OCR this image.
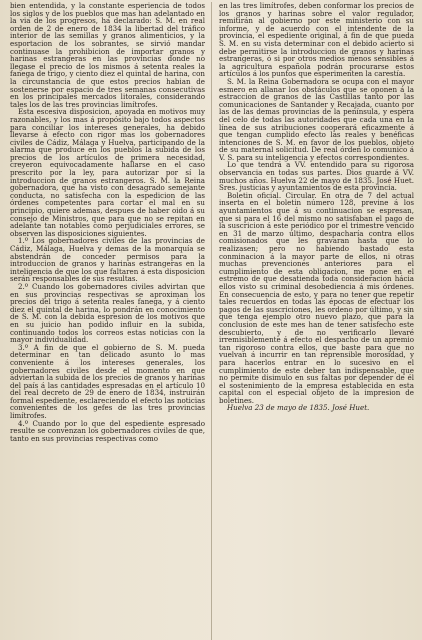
bien entendida, y la constante esperiencia de todos los siglos y de los pueblos que mas han adelantado en la via de los progresos, ha declarado: S. M. en real orden de 2 de enero de 1834 la libertad del tráfico interior de las semillas y granos alimenticios, y la esportacion de los sobrantes, se sirvió mandar continuase la prohibicion de importar granos y harinas estrangeras en las provincias donde no llegase el precio de los mismos á setenta reales la fanega de trigo, y ciento diez el quintal de harina, con la circunstancia de que estos precios habian de sostenerse por espacio de tres semanas consecutivas en los principales mercados litorales, considerando tales los de las tres provincias limítrofes.

Esta escesiva disposicion, apoyada en motivos muy razonables, y los mas á propósito bajo todos aspectos para conciliar los intereses generales, ha debido llevarse á efecto con rigor mas los gobernadores civiles de Cádiz, Málaga y Huelva, participando de la alarma que produce en los pueblos la subida de los precios de los artículos de primera necesidad, creyeron equivocadamente hallarse en el caso prescrito por la ley, para autorizar por sí la introduccion de granos estrangeros. S. M. la Reina gobernadora, que ha visto con desagrado semejante conducta, no satisfecha con la espedicion de las órdenes competentes para cortar el mal en su principio, quiere ademas, despues de haber oido á su consejo de Ministros, que para que no se repitan en adelante tan notables como perjudiciales errores, se observen las disposiciones siguientes.

1.º Los gobernadores civiles de las provincias de Cádiz, Málaga, Huelva y demas de la monarquía se abstendrán de conceder permisos para la introduccion de granos y harinas estrangeras en la inteligencia de que los que faltaren á esta disposicion serán responsables de sus resultas.

2.º Cuando los gobernadores civiles advirtan que en sus provincias respectivas se aproximan los precios del trigo á setenta reales fanega, y á ciento diez el quintal de harina, lo pondrán en conocimiento de S. M. con la debida espresion de los motivos que en su juicio han podido influir en la subida, continuando todos los correos estas noticias con la mayor individualidad.

3.º A fin de que el gobierno de S. M. pueda determinar en tan delicado asunto lo mas conveniente á los intereses generales, los gobernadores civiles desde el momento en que adviertan la subida de los precios de granos y harinas del país á las cantidades espresadas en el artículo 10 del real decreto de 29 de enero de 1834, instruirán formal espediente, esclareciendo el efecto las noticias convenientes de los gefes de las tres provincias limítrofes.

4.º Cuando por lo que del espediente espresado resulte se convenzan los gobernadores civiles de que, tanto en sus provincias respectivas como

en las tres limítrofes, deben conformar los precios de los granos y harinas sobre el valor regulador, remitirán al gobierno por este ministerio con su informe, y de acuerdo con el intendente de la provincia, el espediente original, á fin de que pueda S. M. en su vista determinar con el debido acierto si debe permitirse la introduccion de granos y harinas estrangeras, ó si por otros medios menos sensibles á la agricultura española podrán procurarse estos artículos á los puntos que esperimenten la carestía.

S. M. la Reina Gobernadora se ocupa con el mayor esmero en allanar los obstáculos que se oponen á la estraccion de granos de las Castillas tanto por las comunicaciones de Santander y Recajada, cuanto por las de las demas provincias de la península, y espera del celo de todas las autoridades que cada una en la línea de sus atribuciones cooperará eficazmente á que tengan cumplido efecto las reales y benéficas intenciones de S. M. en favor de los pueblos, objeto de su maternal solicitud. De real órden lo comunico á V. S. para su inteligencia y efectos correspondientes.

Lo que tendrá a VV. entendido para su rigorosa observancia en todas sus partes. Dios guarde á VV. muchos años. Huelva 22 de mayo de 1835. José Huet. Sres. justicias y ayuntamientos de esta provincia.

Boletin oficial. Circular. En otra de 7 del actual inserta en el boletin número 128, previne á los ayuntamientos que á su continuacion se espresan, que si para el 16 del mismo no satisfaban el pago de la suscricion á este periódico por el trimestre vencido en 31 de marzo último, despacharía contra ellos comisionados que les gravaran hasta que lo realizasen; pero no habiendo bastado esta conminacion á la mayor parte de ellos, ni otras muchas prevenciones anteriores para el cumplimiento de esta obligacion, me pone en el estremo de que desatienda toda consideracion hácia ellos visto su criminal desobediencia á mis órdenes. En consecuencia de esto, y para no tener que repetir tales recuerdos en todas las épocas de efectuar los pagos de las suscriciones, les ordeno por último, y sin que tenga ejemplo otro nuevo plazo, que para la conclusion de este mes han de tener satisfecho este descubierto, y de no verificarlo llevaré irremisiblemente á efecto el despacho de un apremio tan rigoroso contra ellos, que baste para que no vuelvan á incurrir en tan reprensible morosidad, y para hacerlos entrar en lo sucesivo en el cumplimiento de este deber tan indispensable, que no permite disimulo en sus faltas por depender de él el sostenimiento de la empresa establecida en esta capital con el especial objeto de la impresion de boletines.

Huelva 23 de mayo de 1835. José Huet.
